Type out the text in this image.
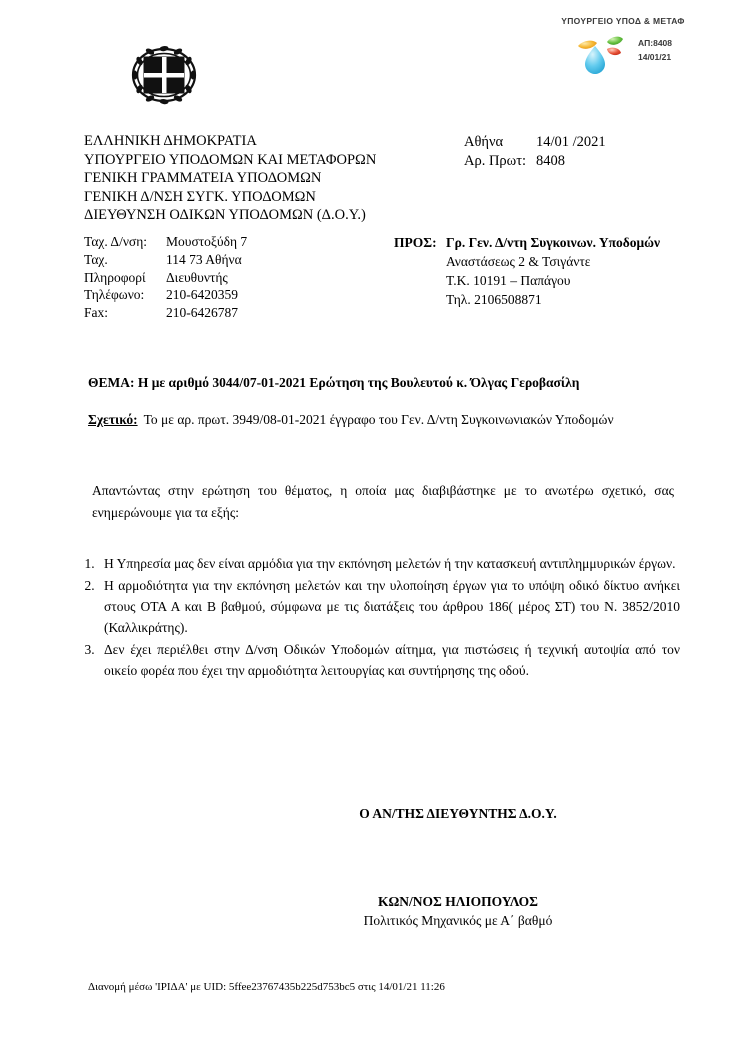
ΥΠΟΥΡΓΕΙΟ ΥΠΟΔ & ΜΕΤΑΦ
ΑΠ:8408
14/01/21
ΕΛΛΗΝΙΚΗ ΔΗΜΟΚΡΑΤΙΑ
ΥΠΟΥΡΓΕΙΟ ΥΠΟΔΟΜΩΝ ΚΑΙ ΜΕΤΑΦΟΡΩΝ
ΓΕΝΙΚΗ ΓΡΑΜΜΑΤΕΙΑ ΥΠΟΔΟΜΩΝ
ΓΕΝΙΚΗ Δ/ΝΣΗ ΣΥΓΚ. ΥΠΟΔΟΜΩΝ
ΔΙΕΥΘΥΝΣΗ ΟΔΙΚΩΝ ΥΠΟΔΟΜΩΝ (Δ.Ο.Υ.)
Αθήνα 14/01 /2021
Αρ. Πρωτ: 8408
Ταχ. Δ/νση: Μουστοξύδη 7
Ταχ.	114 73 Αθήνα
Πληροφορί Διευθυντής
Τηλέφωνο: 210-6420359
Fax:	210-6426787
ΠΡΟΣ: Γρ. Γεν. Δ/ντη Συγκοινων. Υποδομών
Αναστάσεως 2 & Τσιγάντε
Τ.Κ. 10191 – Παπάγου
Τηλ. 2106508871
ΘΕΜΑ: Η με αριθμό 3044/07-01-2021 Ερώτηση της Βουλευτού κ. Όλγας Γεροβασίλη
Σχετικό: Το με αρ. πρωτ. 3949/08-01-2021 έγγραφο του Γεν. Δ/ντη Συγκοινωνιακών Υποδομών
Απαντώντας στην ερώτηση του θέματος, η οποία μας διαβιβάστηκε με το ανωτέρω σχετικό, σας ενημερώνουμε για τα εξής:
1. Η Υπηρεσία μας δεν είναι αρμόδια για την εκπόνηση μελετών ή την κατασκευή αντιπλημμυρικών έργων.
2. Η αρμοδιότητα για την εκπόνηση μελετών και την υλοποίηση έργων για το υπόψη οδικό δίκτυο ανήκει στους ΟΤΑ Α και Β βαθμού, σύμφωνα με τις διατάξεις του άρθρου 186( μέρος ΣΤ) του Ν. 3852/2010 (Καλλικράτης).
3. Δεν έχει περιέλθει στην Δ/νση Οδικών Υποδομών αίτημα, για πιστώσεις ή τεχνική αυτοψία από τον οικείο φορέα που έχει την αρμοδιότητα λειτουργίας και συντήρησης της οδού.
Ο ΑΝ/ΤΗΣ ΔΙΕΥΘΥΝΤΗΣ Δ.Ο.Υ.
ΚΩΝ/ΝΟΣ ΗΛΙΟΠΟΥΛΟΣ
Πολιτικός Μηχανικός με Α΄ βαθμό
Διανομή μέσω 'ΙΡΙΔΑ' με UID: 5ffee23767435b225d753bc5 στις 14/01/21 11:26
